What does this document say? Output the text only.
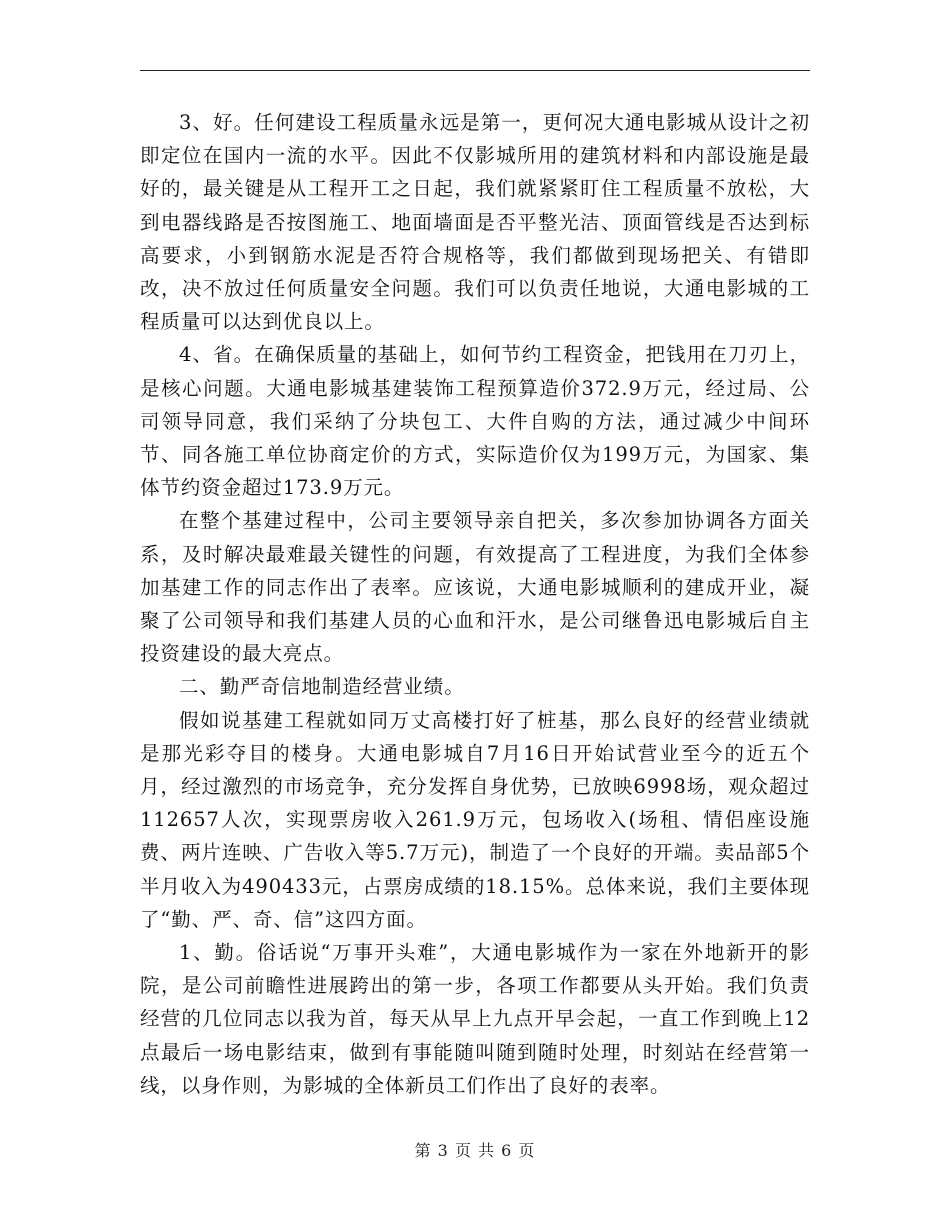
3、好。任何建设工程质量永远是第一，更何况大通电影城从设计之初即定位在国内一流的水平。因此不仅影城所用的建筑材料和内部设施是最好的，最关键是从工程开工之日起，我们就紧紧盯住工程质量不放松，大到电器线路是否按图施工、地面墙面是否平整光洁、顶面管线是否达到标高要求，小到钢筋水泥是否符合规格等，我们都做到现场把关、有错即改，决不放过任何质量安全问题。我们可以负责任地说，大通电影城的工程质量可以达到优良以上。

4、省。在确保质量的基础上，如何节约工程资金，把钱用在刀刃上，是核心问题。大通电影城基建装饰工程预算造价372.9万元，经过局、公司领导同意，我们采纳了分块包工、大件自购的方法，通过减少中间环节、同各施工单位协商定价的方式，实际造价仅为199万元，为国家、集体节约资金超过173.9万元。

在整个基建过程中，公司主要领导亲自把关，多次参加协调各方面关系，及时解决最难最关键性的问题，有效提高了工程进度，为我们全体参加基建工作的同志作出了表率。应该说，大通电影城顺利的建成开业，凝聚了公司领导和我们基建人员的心血和汗水，是公司继鲁迅电影城后自主投资建设的最大亮点。

二、勤严奇信地制造经营业绩。

假如说基建工程就如同万丈高楼打好了桩基，那么良好的经营业绩就是那光彩夺目的楼身。大通电影城自7月16日开始试营业至今的近五个月，经过激烈的市场竞争，充分发挥自身优势，已放映6998场，观众超过112657人次，实现票房收入261.9万元，包场收入(场租、情侣座设施费、两片连映、广告收入等5.7万元)，制造了一个良好的开端。卖品部5个半月收入为490433元，占票房成绩的18.15%。总体来说，我们主要体现了“勤、严、奇、信”这四方面。

1、勤。俗话说“万事开头难”，大通电影城作为一家在外地新开的影院，是公司前瞻性进展跨出的第一步，各项工作都要从头开始。我们负责经营的几位同志以我为首，每天从早上九点开早会起，一直工作到晚上12点最后一场电影结束，做到有事能随叫随到随时处理，时刻站在经营第一线，以身作则，为影城的全体新员工们作出了良好的表率。

第 3 页 共 6 页
